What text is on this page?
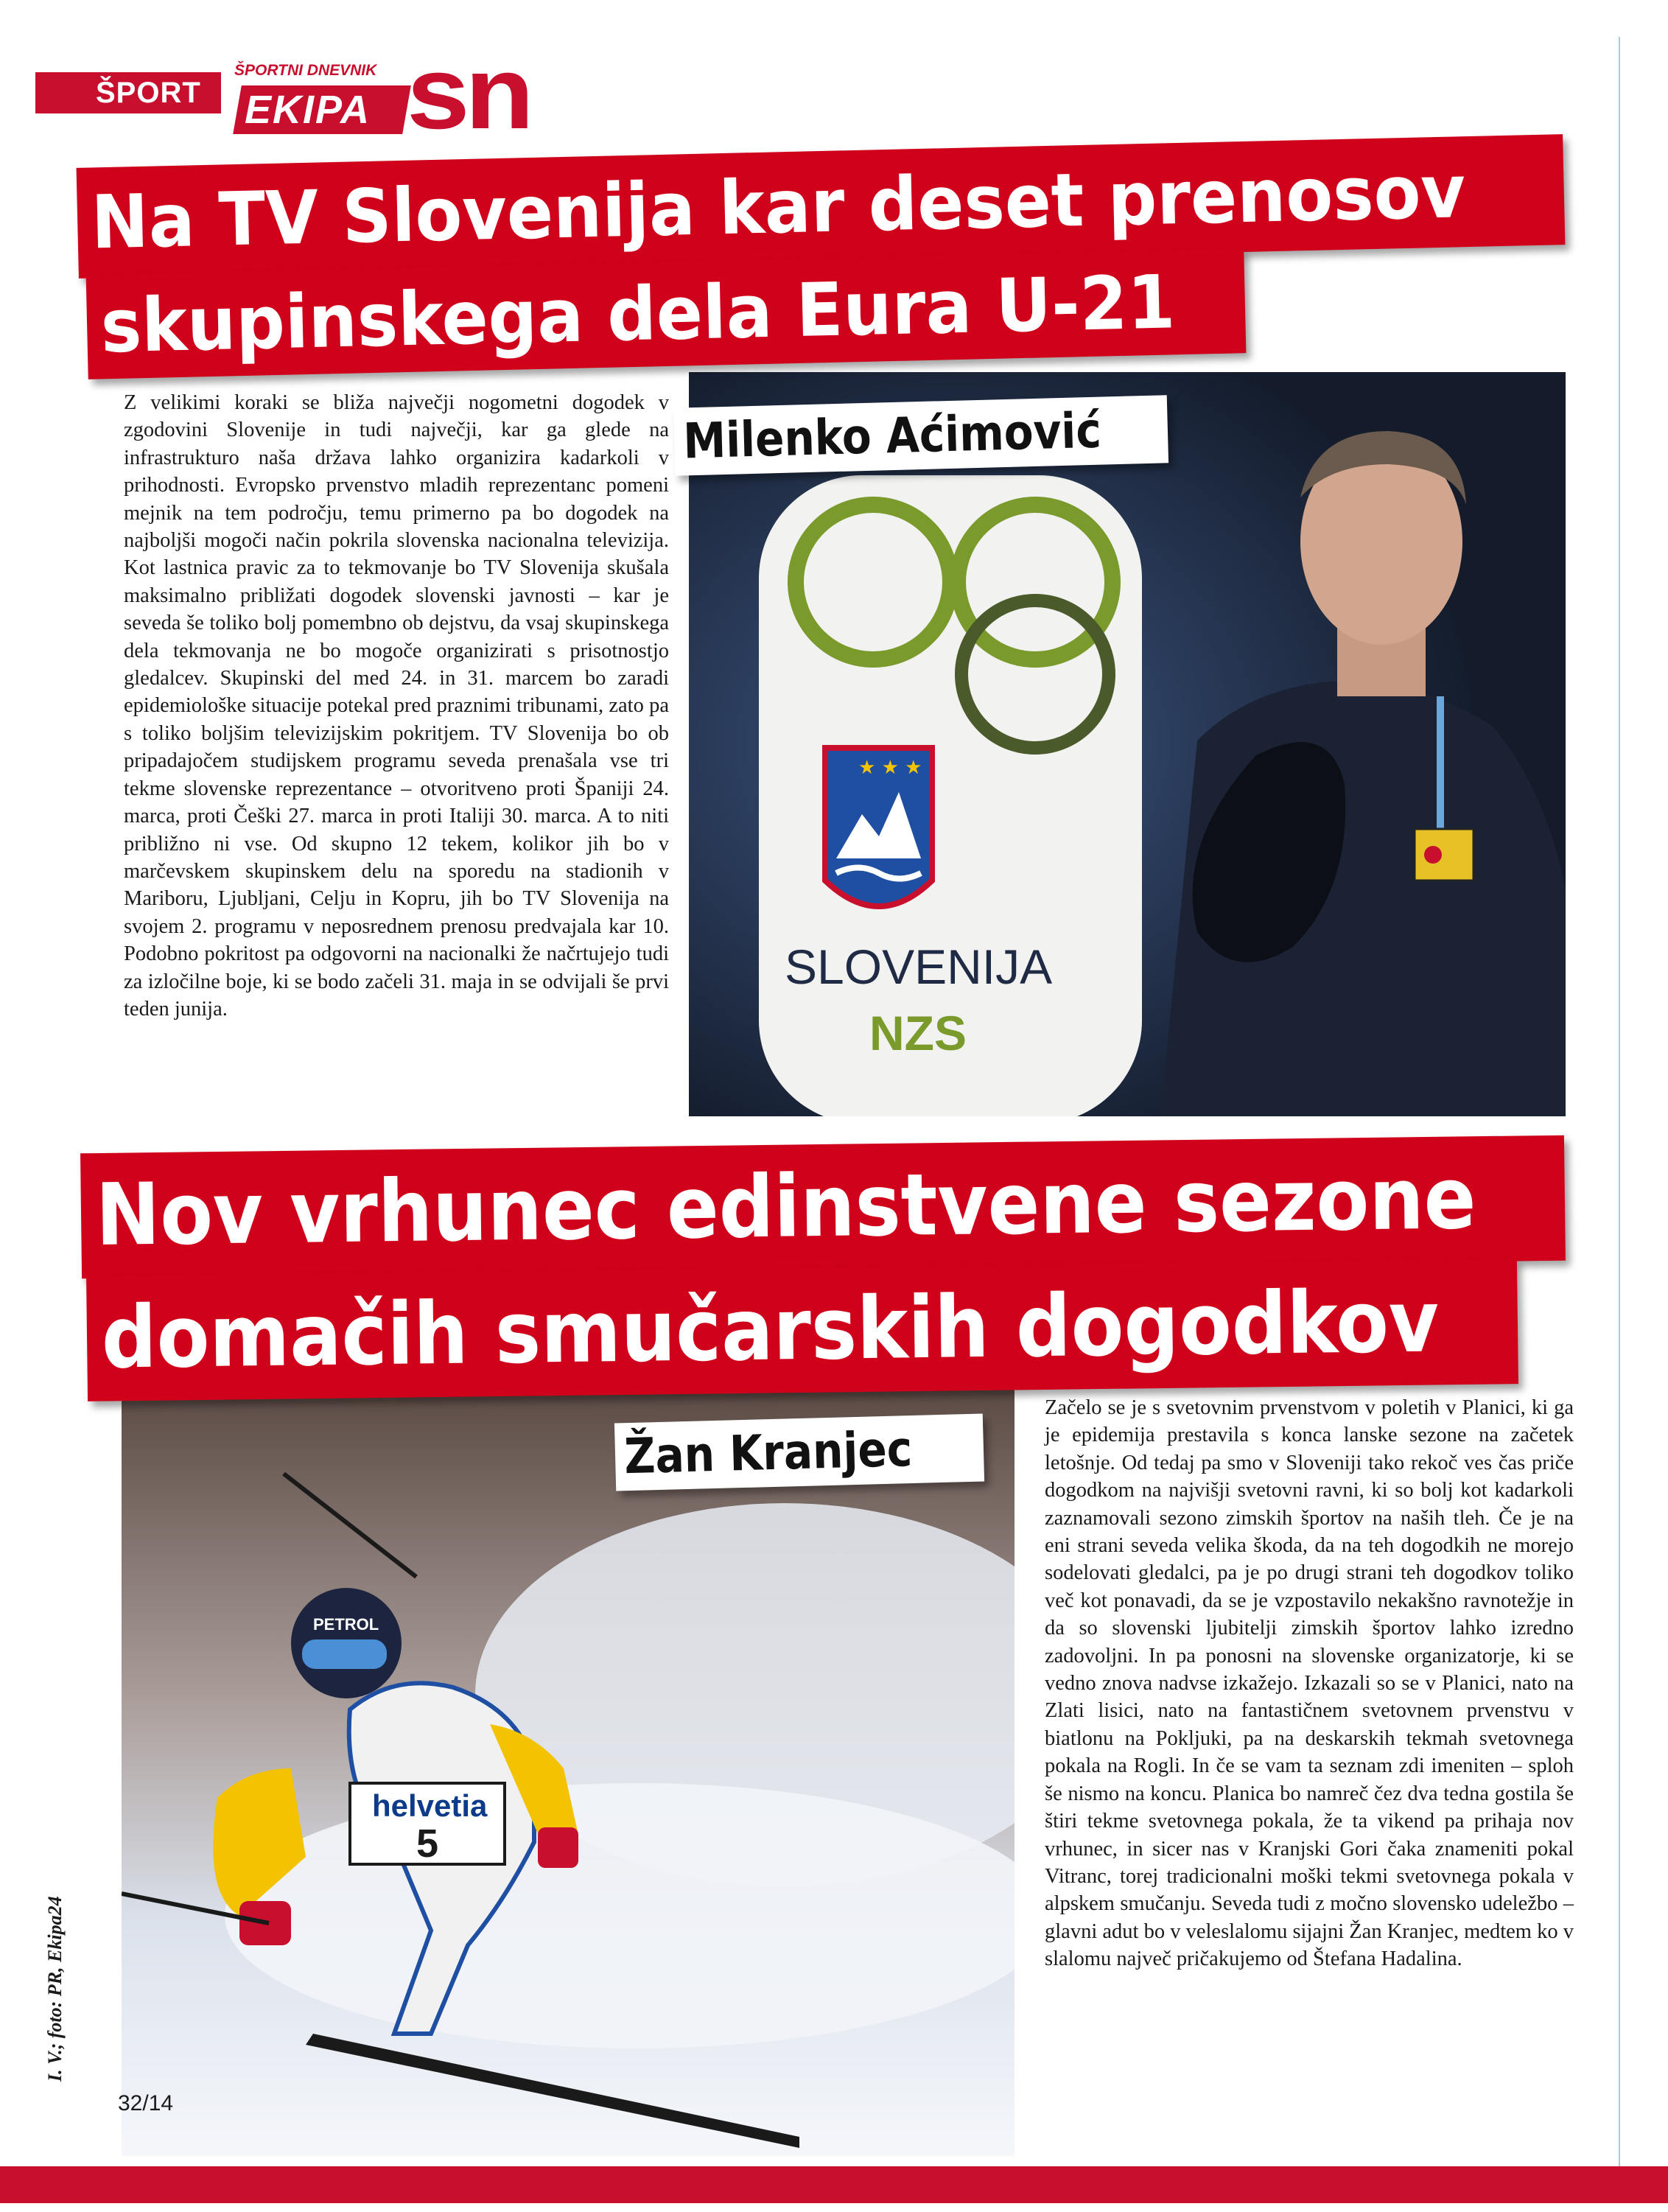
ŠPORT
ŠPORTNI DNEVNIK
EKIPA sn
Na TV Slovenija kar deset prenosov
★ ★ ★
SLOVENIJA
NZS
skupinskega dela Eura U-21
Milenko Aćimović
Z velikimi koraki se bliža največji nogometni dogodek v zgodovini Slovenije in tudi največji, kar ga glede na infrastrukturo naša država lahko organizira kadarkoli v prihodnosti. Evropsko prvenstvo mladih reprezentanc pomeni mejnik na tem področju, temu primerno pa bo dogodek na najboljši mogoči način pokrila slovenska nacionalna televizija. Kot lastnica pravic za to tekmovanje bo TV Slovenija skušala maksimalno približati dogodek slovenski javnosti – kar je seveda še toliko bolj pomembno ob dejstvu, da vsaj skupinskega dela tekmovanja ne bo mogoče organizirati s prisotnostjo gledalcev. Skupinski del med 24. in 31. marcem bo zaradi epidemiološke situacije potekal pred praznimi tribunami, zato pa s toliko boljšim televizijskim pokritjem. TV Slovenija bo ob pripadajočem studijskem programu seveda prenašala vse tri tekme slovenske reprezentance – otvoritveno proti Španiji 24. marca, proti Češki 27. marca in proti Italiji 30. marca. A to niti približno ni vse. Od skupno 12 tekem, kolikor jih bo v marčevskem skupinskem delu na sporedu na stadionih v Mariboru, Ljubljani, Celju in Kopru, jih bo TV Slovenija na svojem 2. programu v neposrednem prenosu predvajala kar 10. Podobno pokritost pa odgovorni na nacionalki že načrtujejo tudi za izločilne boje, ki se bodo začeli 31. maja in se odvijali še prvi teden junija.
helvetia
5
PETROL
Žan Kranjec
Nov vrhunec edinstvene sezone
domačih smučarskih dogodkov
Začelo se je s svetovnim prvenstvom v poletih v Planici, ki ga je epidemija prestavila s konca lanske sezone na začetek letošnje. Od tedaj pa smo v Sloveniji tako rekoč ves čas priče dogodkom na najvišji svetovni ravni, ki so bolj kot kadarkoli zaznamovali sezono zimskih športov na naših tleh. Če je na eni strani seveda velika škoda, da na teh dogodkih ne morejo sodelovati gledalci, pa je po drugi strani teh dogodkov toliko več kot ponavadi, da se je vzpostavilo nekakšno ravnotežje in da so slovenski ljubitelji zimskih športov lahko izredno zadovoljni. In pa ponosni na slovenske organizatorje, ki se vedno znova nadvse izkažejo. Izkazali so se v Planici, nato na Zlati lisici, nato na fantastičnem svetovnem prvenstvu v biatlonu na Pokljuki, pa na deskarskih tekmah svetovnega pokala na Rogli. In če se vam ta seznam zdi imeniten – sploh še nismo na koncu. Planica bo namreč čez dva tedna gostila še štiri tekme svetovnega pokala, že ta vikend pa prihaja nov vrhunec, in sicer nas v Kranjski Gori čaka znameniti pokal Vitranc, torej tradicionalni moški tekmi svetovnega pokala v alpskem smučanju. Seveda tudi z močno slovensko udeležbo – glavni adut bo v veleslalomu sijajni Žan Kranjec, medtem ko v slalomu največ pričakujemo od Štefana Hadalina.
I. V.; foto: PR, Ekipa24
32/14
